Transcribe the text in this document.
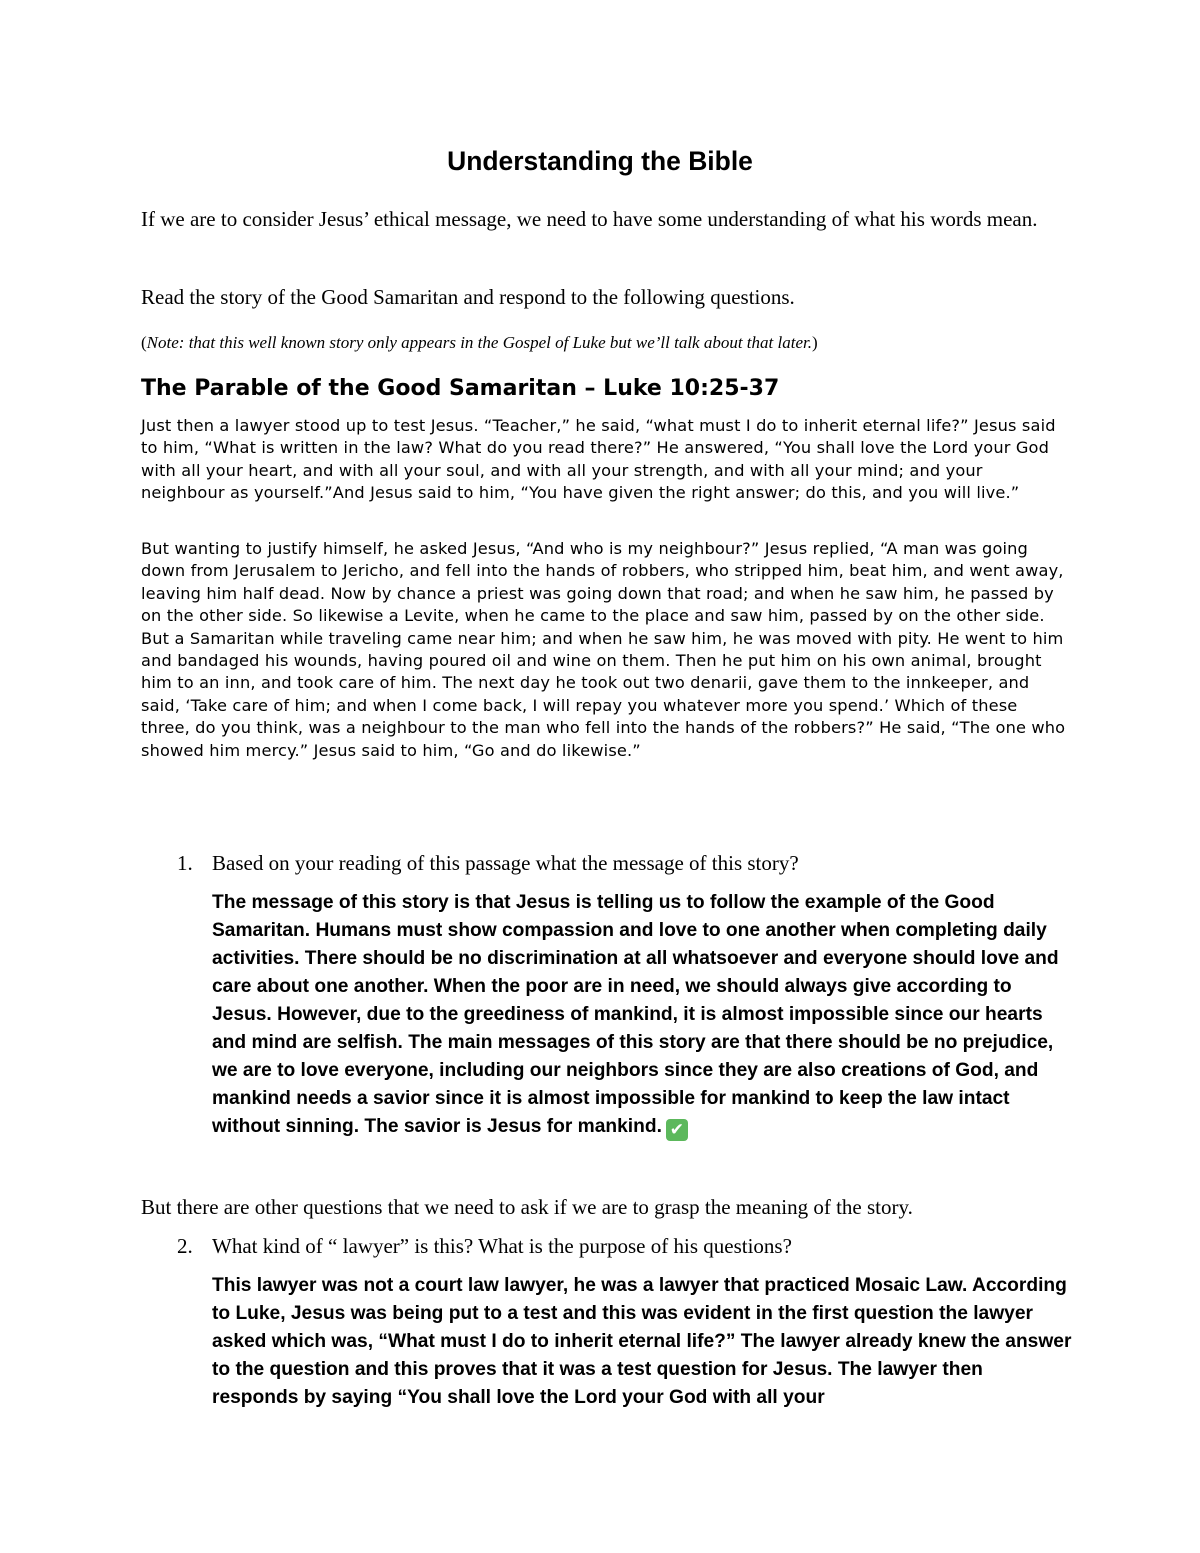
Understanding the Bible

If we are to consider Jesus’ ethical message, we need to have some understanding of what his words mean.

Read the story of the Good Samaritan and respond to the following questions.

(Note: that this well known story only appears in the Gospel of Luke but we’ll talk about that later.)

The Parable of the Good Samaritan – Luke 10:25-37

Just then a lawyer stood up to test Jesus. “Teacher,” he said, “what must I do to inherit eternal life?” Jesus said to him, “What is written in the law? What do you read there?” He answered, “You shall love the Lord your God with all your heart, and with all your soul, and with all your strength, and with all your mind; and your neighbour as yourself.”And Jesus said to him, “You have given the right answer; do this, and you will live.”

But wanting to justify himself, he asked Jesus, “And who is my neighbour?” Jesus replied, “A man was going down from Jerusalem to Jericho, and fell into the hands of robbers, who stripped him, beat him, and went away, leaving him half dead. Now by chance a priest was going down that road; and when he saw him, he passed by on the other side. So likewise a Levite, when he came to the place and saw him, passed by on the other side. But a Samaritan while traveling came near him; and when he saw him, he was moved with pity. He went to him and bandaged his wounds, having poured oil and wine on them. Then he put him on his own animal, brought him to an inn, and took care of him. The next day he took out two denarii, gave them to the innkeeper, and said, ‘Take care of him; and when I come back, I will repay you whatever more you spend.’ Which of these three, do you think, was a neighbour to the man who fell into the hands of the robbers?” He said, “The one who showed him mercy.” Jesus said to him, “Go and do likewise.”

1. Based on your reading of this passage what the message of this story?

The message of this story is that Jesus is telling us to follow the example of the Good Samaritan. Humans must show compassion and love to one another when completing daily activities. There should be no discrimination at all whatsoever and everyone should love and care about one another. When the poor are in need, we should always give according to Jesus. However, due to the greediness of mankind, it is almost impossible since our hearts and mind are selfish. The main messages of this story are that there should be no prejudice, we are to love everyone, including our neighbors since they are also creations of God, and mankind needs a savior since it is almost impossible for mankind to keep the law intact without sinning. The savior is Jesus for mankind. ✔

But there are other questions that we need to ask if we are to grasp the meaning of the story.

2. What kind of “ lawyer” is this? What is the purpose of his questions?

This lawyer was not a court law lawyer, he was a lawyer that practiced Mosaic Law. According to Luke, Jesus was being put to a test and this was evident in the first question the lawyer asked which was, “What must I do to inherit eternal life?” The lawyer already knew the answer to the question and this proves that it was a test question for Jesus. The lawyer then responds by saying “You shall love the Lord your God with all your
